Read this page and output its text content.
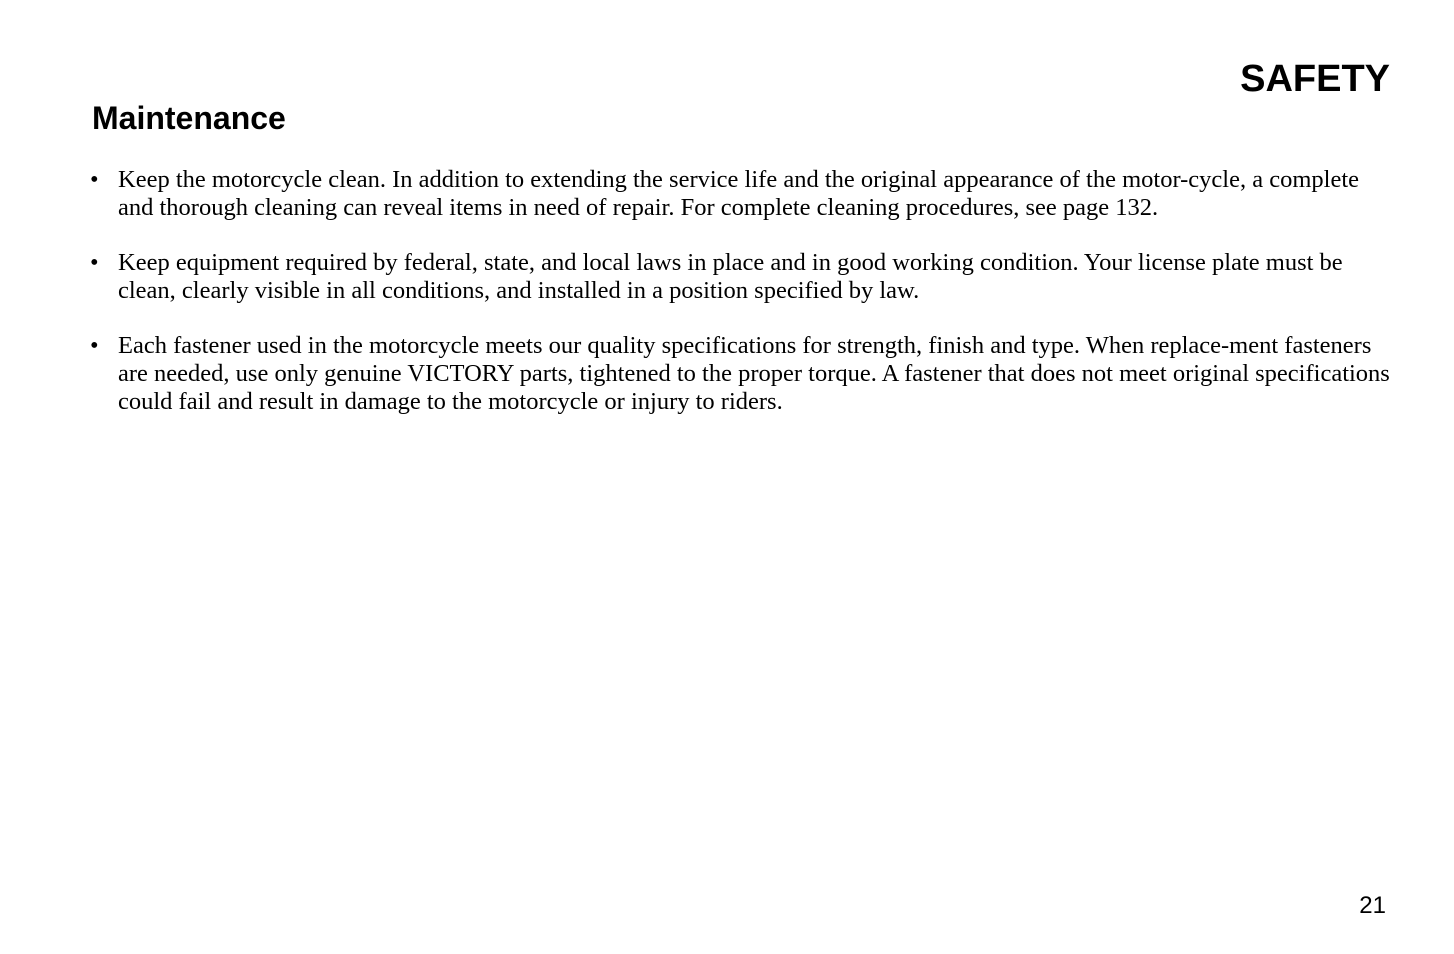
SAFETY
Maintenance
• Keep the motorcycle clean. In addition to extending the service life and the original appearance of the motor-cycle, a complete and thorough cleaning can reveal items in need of repair. For complete cleaning procedures, see page 132.
• Keep equipment required by federal, state, and local laws in place and in good working condition. Your license plate must be clean, clearly visible in all conditions, and installed in a position specified by law.
• Each fastener used in the motorcycle meets our quality specifications for strength, finish and type. When replace-ment fasteners are needed, use only genuine VICTORY parts, tightened to the proper torque. A fastener that does not meet original specifications could fail and result in damage to the motorcycle or injury to riders.
21
